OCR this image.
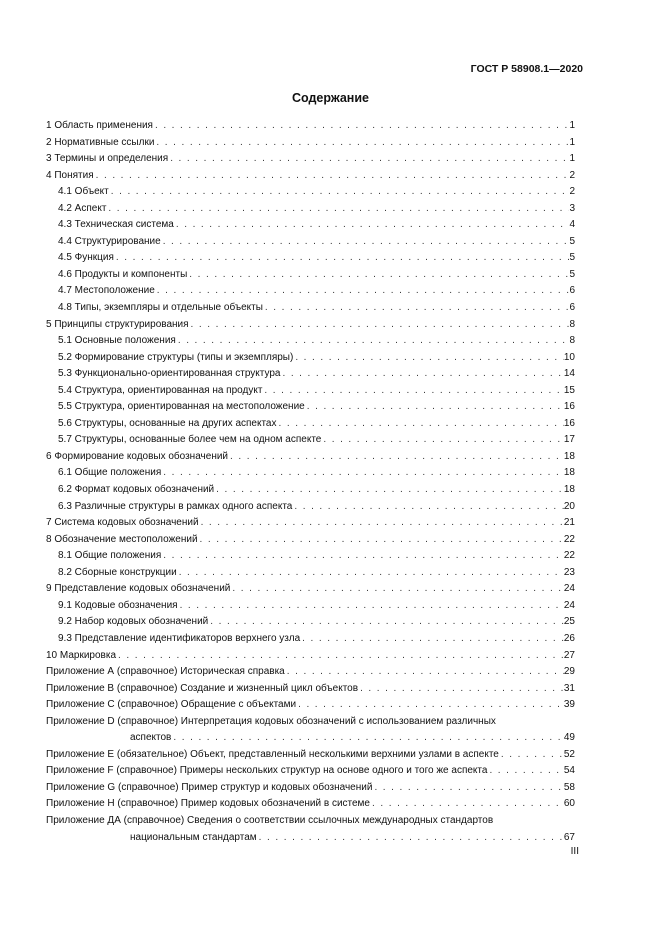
ГОСТ Р 58908.1—2020

Содержание
1 Область применения . . .	1
2 Нормативные ссылки . . .	1
3 Термины и определения . . .	1
4 Понятия . . .	2
4.1 Объект . . .	2
4.2 Аспект . . .	3
4.3 Техническая система . . .	4
4.4 Структурирование . . .	5
4.5 Функция . . .	5
4.6 Продукты и компоненты . . .	5
4.7 Местоположение . . .	6
4.8 Типы, экземпляры и отдельные объекты . . .	6
5 Принципы структурирования . . .	8
5.1 Основные положения . . .	8
5.2 Формирование структуры (типы и экземпляры) . . .	10
5.3 Функционально-ориентированная структура . . .	14
5.4 Структура, ориентированная на продукт . . .	15
5.5 Структура, ориентированная на местоположение . . .	16
5.6 Структуры, основанные на других аспектах . . .	16
5.7 Структуры, основанные более чем на одном аспекте . . .	17
6 Формирование кодовых обозначений . . .	18
6.1 Общие положения . . .	18
6.2 Формат кодовых обозначений . . .	18
6.3 Различные структуры в рамках одного аспекта . . .	20
7 Система кодовых обозначений . . .	21
8 Обозначение местоположений . . .	22
8.1 Общие положения . . .	22
8.2 Сборные конструкции . . .	23
9 Представление кодовых обозначений . . .	24
9.1 Кодовые обозначения . . .	24
9.2 Набор кодовых обозначений . . .	25
9.3 Представление идентификаторов верхнего узла . . .	26
10 Маркировка . . .	27
Приложение А (справочное) Историческая справка . . .	29
Приложение В (справочное) Создание и жизненный цикл объектов . . .	31
Приложение С (справочное) Обращение с объектами . . .	39
Приложение D (справочное) Интерпретация кодовых обозначений с использованием различных
аспектов . . .	49
Приложение Е (обязательное) Объект, представленный несколькими верхними узлами в аспекте . . .	52
Приложение F (справочное) Примеры нескольких структур на основе одного и того же аспекта . . .	54
Приложение G (справочное) Пример структур и кодовых обозначений . . .	58
Приложение Н (справочное) Пример кодовых обозначений в системе . . .	60
Приложение ДА (справочное) Сведения о соответствии ссылочных международных стандартов
национальным стандартам . . .	67

III
